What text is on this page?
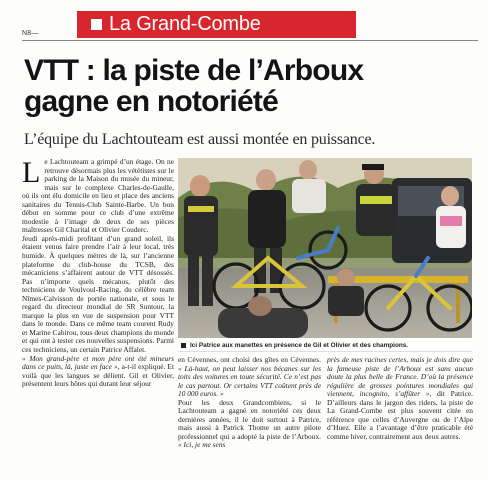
N8—	La Grand-Combe
VTT : la piste de l’Arboux
gagne en notoriété

L’équipe du Lachtouteam est aussi montée en puissance.

Le Lachtouteam a grimpé d’un étage. On ne retrouve désormais plus les vététistes sur le parking de la Maison du musée du mineur, mais sur le complexe Charles-de-Gaulle, où ils ont élu domicile en lieu et place des anciens sanitaires du Tennis-Club Sainte-Barbe. Un bon début en somme pour ce club d’une extrême modestie à l’image de deux de ses pièces maîtresses Gil Charital et Olivier Couderc.

Jeudi après-midi profitant d’un grand soleil, ils étaient venus faire prendre l’air à leur local, très humide. À quelques mètres de là, sur l’ancienne plateforme du club-house du TCSB, des mécaniciens s’affairent autour de VTT désossés. Pas n’importe quels mécanos, plutôt des techniciens de Voulvoul-Racing, du célèbre team Nîmes-Calvisson de portée nationale, et sous le regard du directeur mondial de SR Suntour, la marque la plus en vue de suspension pour VTT dans le monde. Dans ce même team courent Rudy et Marine Cabirou, tous deux champions du monde et qui ont à tester ces nouvelles suspensions. Parmi ces techniciens, un certain Patrice Affalet.

« Mon grand-père et mon père ont été mineurs dans ce puits, là, juste en face », a-t-il expliqué. Et voilà que les langues se délient. Gil et Olivier, présentent leurs hôtes qui durant leur séjour

Ici Patrice aux manettes en présence de Gil et Olivier et des champions.

en Cévennes, ont choisi des gîtes en Cévennes. « Là-haut, on peut laisser nos bécanes sur les toits des voitures en toute sécurité. Ce n’est pas le cas partout. Or certains VTT coûtent près de 10 000 euros. »

Pour les deux Grandcombiens, si le Lachtouteam a gagné en notoriété ces deux dernières années, il le doit surtout à Patrice, mais aussi à Patrick Thome un autre pilote professionnel qui a adopté la piste de l’Arboux. « Ici, je me sens

près de mes racines certes, mais je dois dire que la fameuse piste de l’Arboux est sans aucun doute la plus belle de France. D’où la présence régulière de grosses pointures mondiales qui viennent, incognito, s’affûter », dit Patrice. D’ailleurs dans le jargon des riders, la piste de La Grand-Combe est plus souvent citée en référence que celles d’Auvergne ou de l’Alpe d’Huez. Elle a l’avantage d’être praticable été comme hiver, contrairement aux deux autres.
